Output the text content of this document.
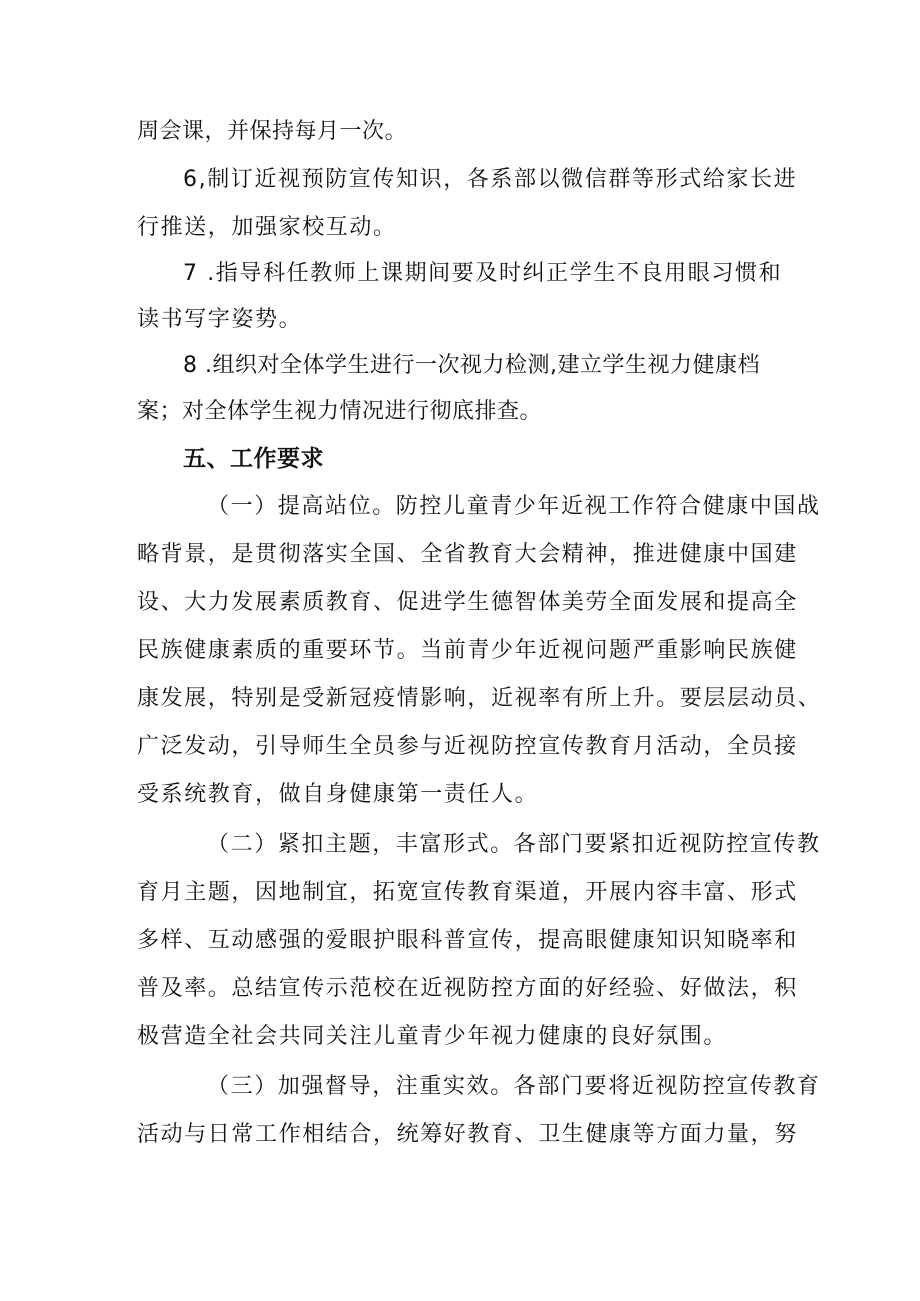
周会课，并保持每月一次。
6,制订近视预防宣传知识，各系部以微信群等形式给家长进
行推送，加强家校互动。
7 .指导科任教师上课期间要及时纠正学生不良用眼习惯和
读书写字姿势。
8 .组织对全体学生进行一次视力检测,建立学生视力健康档
案；对全体学生视力情况进行彻底排查。
五、工作要求
（一）提高站位。防控儿童青少年近视工作符合健康中国战
略背景，是贯彻落实全国、全省教育大会精神，推进健康中国建
设、大力发展素质教育、促进学生德智体美劳全面发展和提高全
民族健康素质的重要环节。当前青少年近视问题严重影响民族健
康发展，特别是受新冠疫情影响，近视率有所上升。要层层动员、
广泛发动，引导师生全员参与近视防控宣传教育月活动，全员接
受系统教育，做自身健康第一责任人。
（二）紧扣主题，丰富形式。各部门要紧扣近视防控宣传教
育月主题，因地制宜，拓宽宣传教育渠道，开展内容丰富、形式
多样、互动感强的爱眼护眼科普宣传，提高眼健康知识知晓率和
普及率。总结宣传示范校在近视防控方面的好经验、好做法，积
极营造全社会共同关注儿童青少年视力健康的良好氛围。
（三）加强督导，注重实效。各部门要将近视防控宣传教育
活动与日常工作相结合，统筹好教育、卫生健康等方面力量，努
